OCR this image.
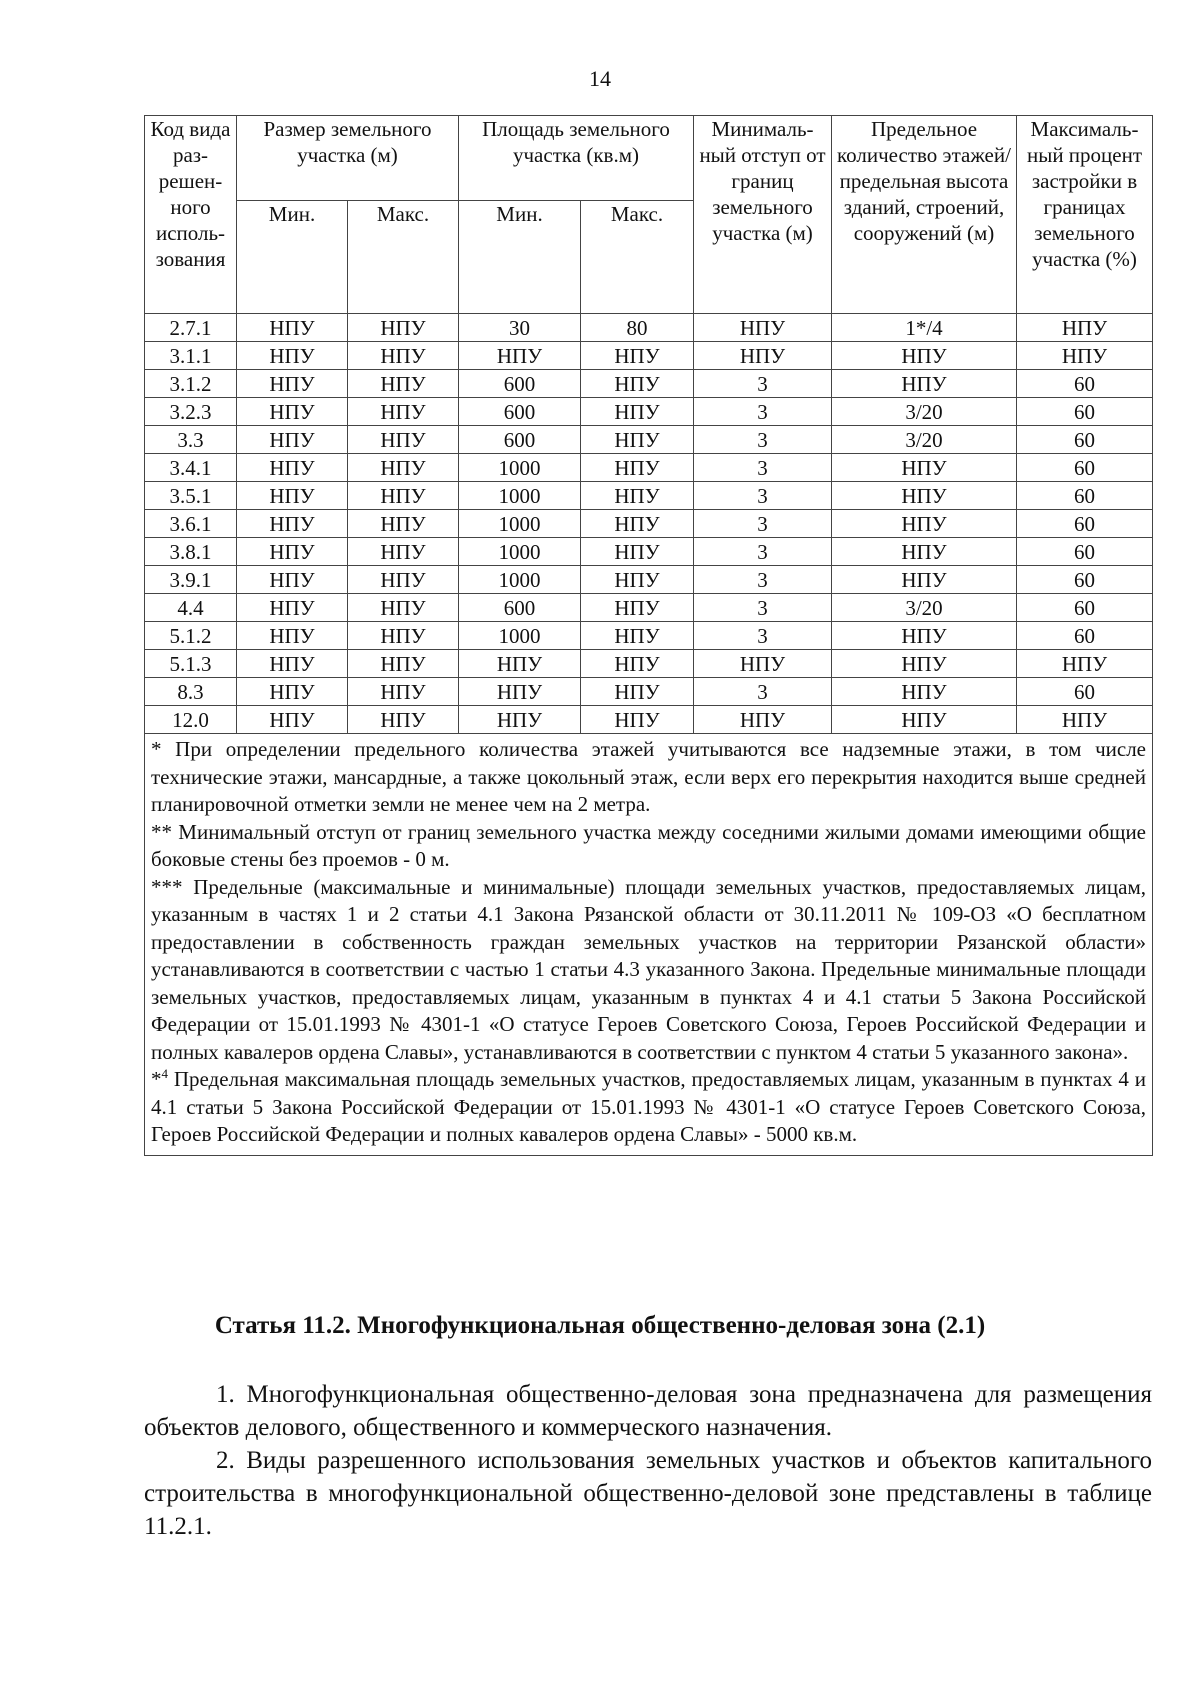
14
Код вида раз-решен-ного исполь-зования	Размер земельного участка (м)		Площадь земельного участка (кв.м)		Минималь-ный отступ от границ земельного участка (м)	Предельное количество этажей/ предельная высота зданий, строений, сооружений (м)	Максималь-ный процент застройки в границах земельного участка (%)
	Мин.	Макс.	Мин.	Макс.			
2.7.1	НПУ	НПУ	30	80	НПУ	1*/4	НПУ
3.1.1	НПУ	НПУ	НПУ	НПУ	НПУ	НПУ	НПУ
3.1.2	НПУ	НПУ	600	НПУ	3	НПУ	60
3.2.3	НПУ	НПУ	600	НПУ	3	3/20	60
3.3	НПУ	НПУ	600	НПУ	3	3/20	60
3.4.1	НПУ	НПУ	1000	НПУ	3	НПУ	60
3.5.1	НПУ	НПУ	1000	НПУ	3	НПУ	60
3.6.1	НПУ	НПУ	1000	НПУ	3	НПУ	60
3.8.1	НПУ	НПУ	1000	НПУ	3	НПУ	60
3.9.1	НПУ	НПУ	1000	НПУ	3	НПУ	60
4.4	НПУ	НПУ	600	НПУ	3	3/20	60
5.1.2	НПУ	НПУ	1000	НПУ	3	НПУ	60
5.1.3	НПУ	НПУ	НПУ	НПУ	НПУ	НПУ	НПУ
8.3	НПУ	НПУ	НПУ	НПУ	3	НПУ	60
12.0	НПУ	НПУ	НПУ	НПУ	НПУ	НПУ	НПУ

* При определении предельного количества этажей учитываются все надземные этажи, в том числе технические этажи, мансардные, а также цокольный этаж, если верх его перекрытия находится выше средней планировочной отметки земли не менее чем на 2 метра.

** Минимальный отступ от границ земельного участка между соседними жилыми домами имеющими общие боковые стены без проемов - 0 м.

*** Предельные (максимальные и минимальные) площади земельных участков, предоставляемых лицам, указанным в частях 1 и 2 статьи 4.1 Закона Рязанской области от 30.11.2011 № 109-ОЗ «О бесплатном предоставлении в собственность граждан земельных участков на территории Рязанской области» устанавливаются в соответствии с частью 1 статьи 4.3 указанного Закона. Предельные минимальные площади земельных участков, предоставляемых лицам, указанным в пунктах 4 и 4.1 статьи 5 Закона Российской Федерации от 15.01.1993 № 4301-1 «О статусе Героев Советского Союза, Героев Российской Федерации и полных кавалеров ордена Славы», устанавливаются в соответствии с пунктом 4 статьи 5 указанного закона».

*$^4$ Предельная максимальная площадь земельных участков, предоставляемых лицам, указанным в пунктах 4 и 4.1 статьи 5 Закона Российской Федерации от 15.01.1993 № 4301-1 «О статусе Героев Советского Союза, Героев Российской Федерации и полных кавалеров ордена Славы» - 5000 кв.м.							

Статья 11.2. Многофункциональная общественно-деловая зона (2.1)

1. Многофункциональная общественно-деловая зона предназначена для размещения объектов делового, общественного и коммерческого назначения.

2. Виды разрешенного использования земельных участков и объектов капитального строительства в многофункциональной общественно-деловой зоне представлены в таблице 11.2.1.
